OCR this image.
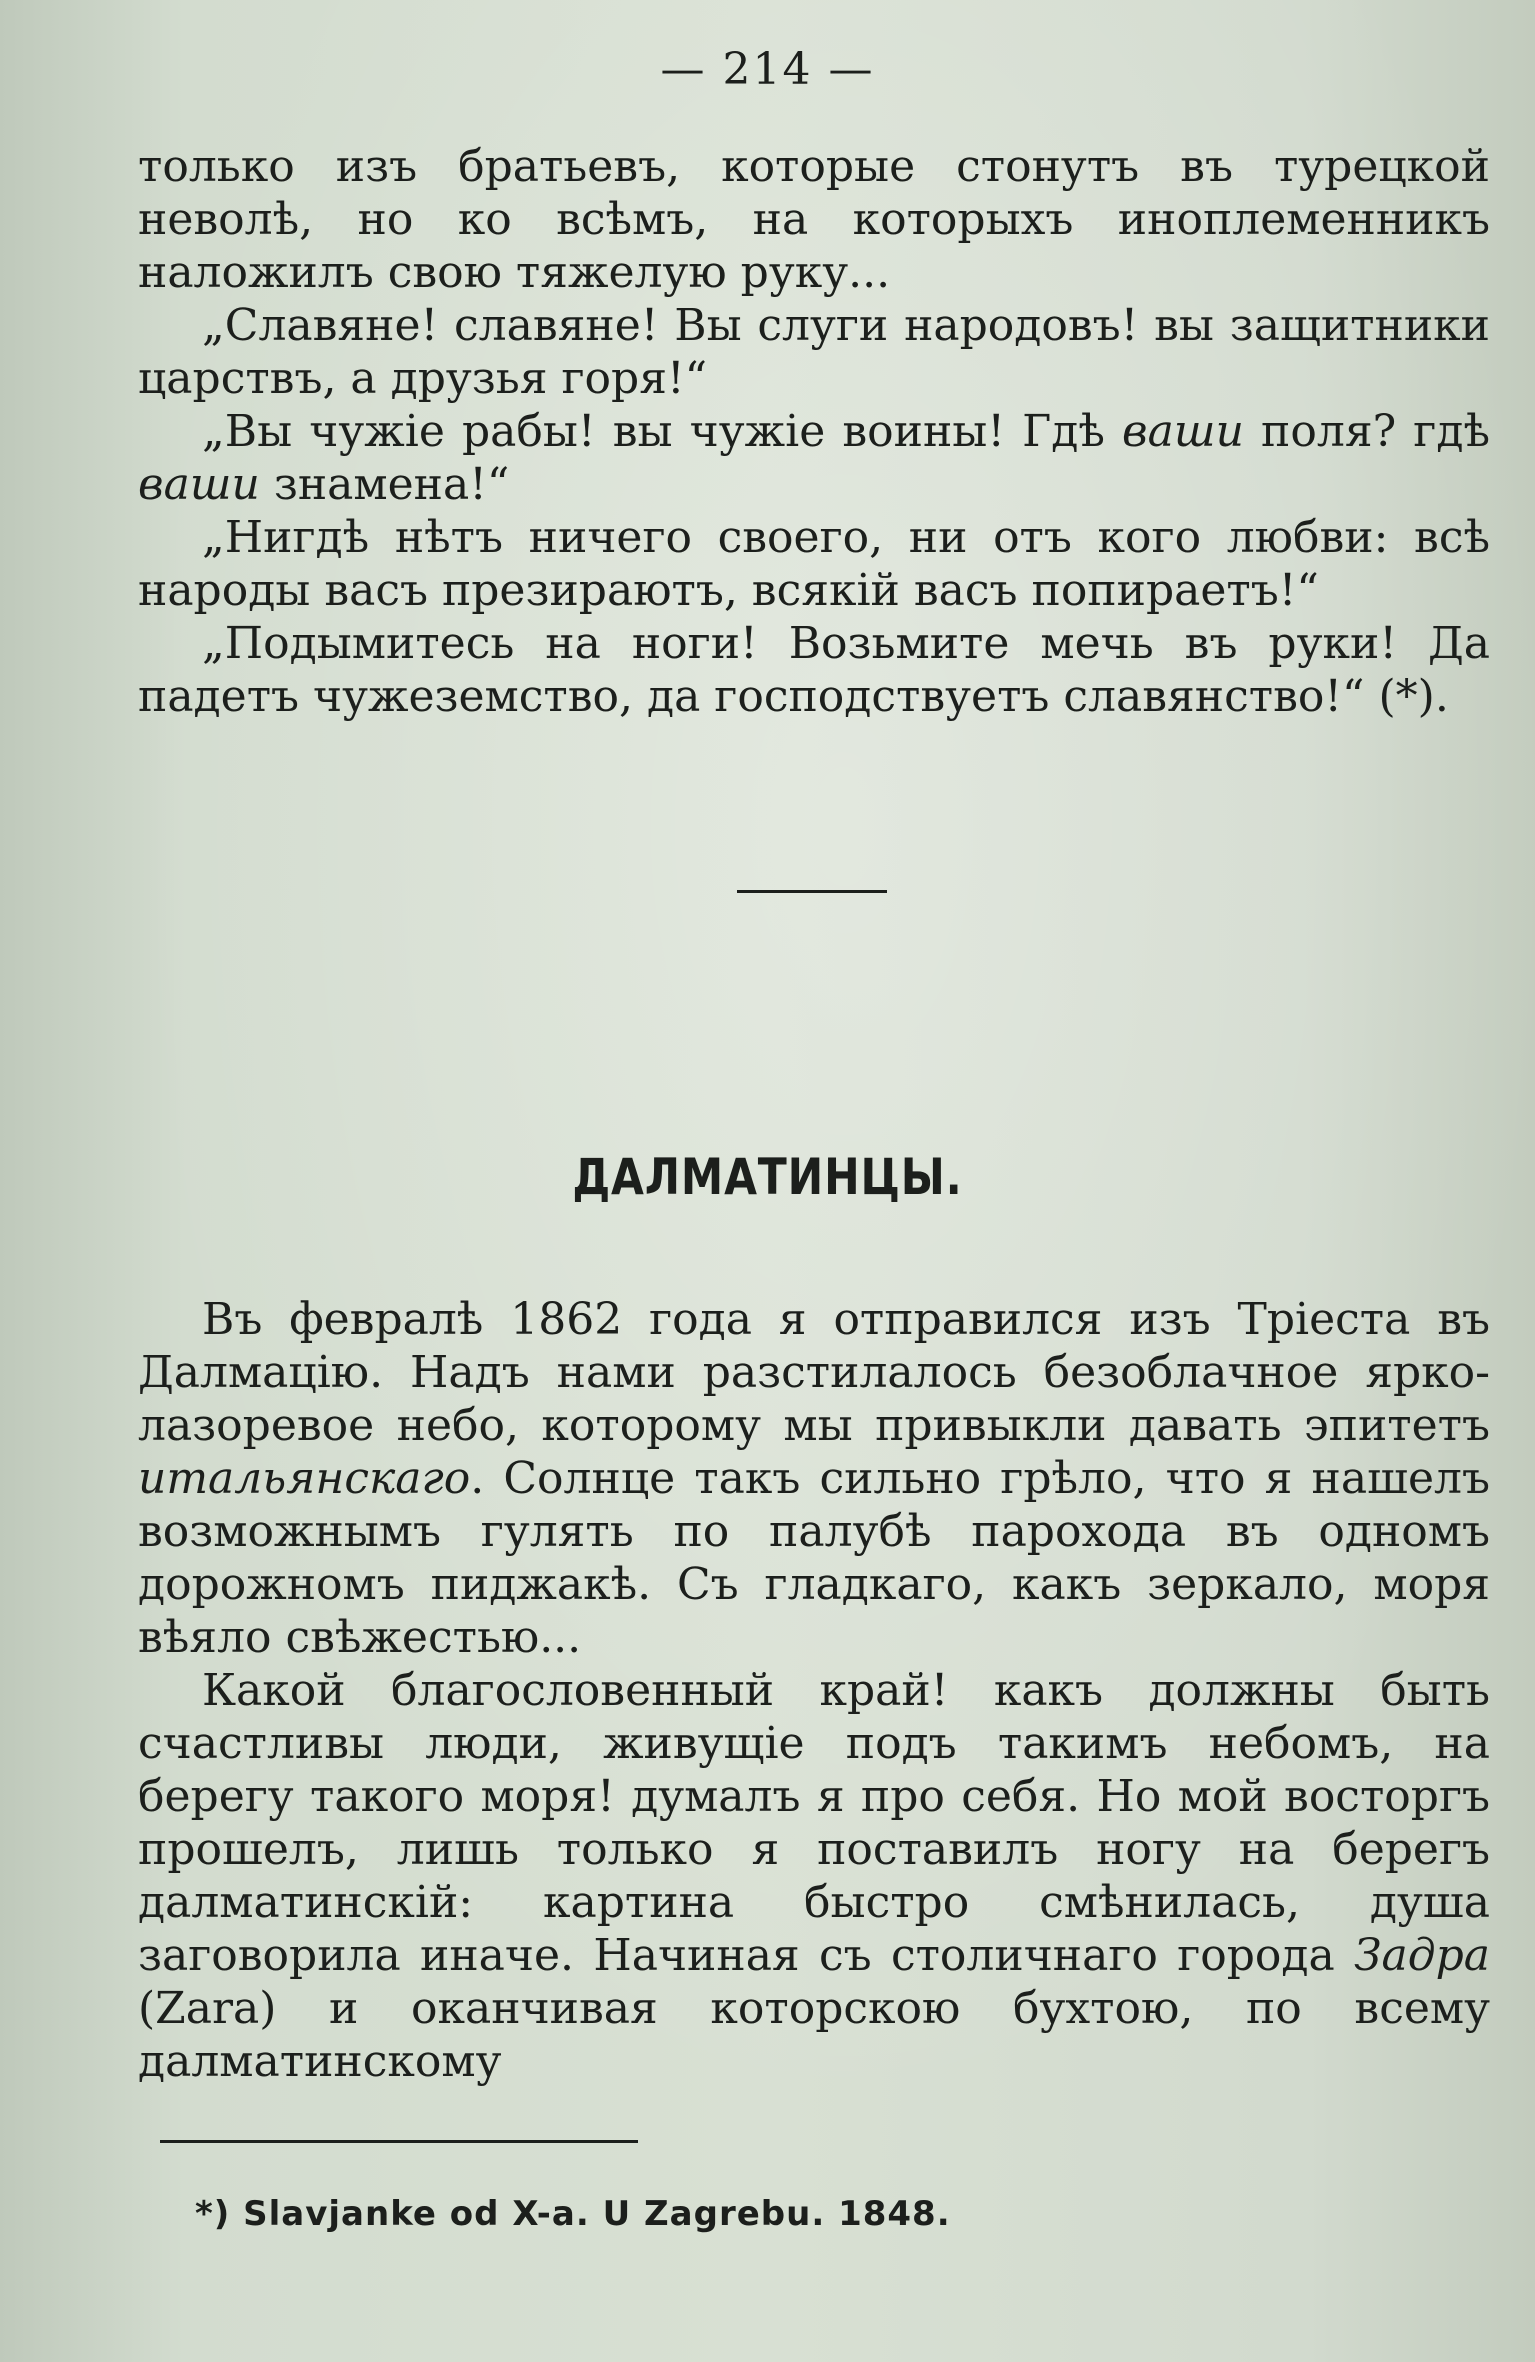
— 214 —

только изъ братьевъ, которые стонутъ въ турецкой неволѣ, но ко всѣмъ, на которыхъ иноплеменникъ наложилъ свою тяжелую руку...

„Славяне! славяне! Вы слуги народовъ! вы защитники царствъ, а друзья горя!“

„Вы чужіе рабы! вы чужіе воины! Гдѣ ваши поля? гдѣ ваши знамена!“

„Нигдѣ нѣтъ ничего своего, ни отъ кого любви: всѣ народы васъ презираютъ, всякій васъ попираетъ!“

„Подымитесь на ноги! Возьмите мечь въ руки! Да падетъ чужеземство, да господствуетъ славянство!“ (*).

ДАЛМАТИНЦЫ.

Въ февралѣ 1862 года я отправился изъ Тріеста въ Далмацію. Надъ нами разстилалось безоблачное ярко-лазоревое небо, которому мы привыкли давать эпитетъ итальянскаго. Солнце такъ сильно грѣло, что я нашелъ возможнымъ гулять по палубѣ парохода въ одномъ дорожномъ пиджакѣ. Съ гладкаго, какъ зеркало, моря вѣяло свѣжестью...

Какой благословенный край! какъ должны быть счастливы люди, живущіе подъ такимъ небомъ, на берегу такого моря! думалъ я про себя. Но мой восторгъ прошелъ, лишь только я поставилъ ногу на берегъ далматинскій: картина быстро смѣнилась, душа заговорила иначе. Начиная съ столичнаго города Задра (Zara) и оканчивая которскою бухтою, по всему далматинскому

*) Slavjanke od X-a. U Zagrebu. 1848.
